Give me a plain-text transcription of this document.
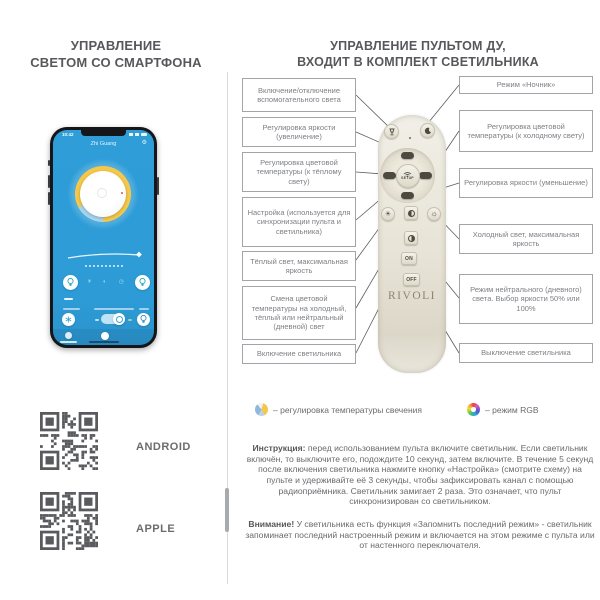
УПРАВЛЕНИЕ
СВЕТОМ СО СМАРТФОНА
УПРАВЛЕНИЕ ПУЛЬТОМ ДУ,
ВХОДИТ В КОМПЛЕКТ СВЕТИЛЬНИКА
Включение/отключение вспомогательного света
Регулировка яркости (увеличение)
Регулировка цветовой температуры (к тёплому свету)
Настройка (используется для синхронизации пульта и светильника)
Тёплый свет, максимальная яркость
Смена цветовой температуры на холодный, тёплый или нейтральный (дневной) свет
Включение светильника
Режим «Ночник»
Регулировка цветовой температуры (к холодному свету)
Регулировка яркости (уменьшение)
Холодный свет, максимальная яркость
Режим нейтрального (дневного) света. Выбор яркости 50% или 100%
Выключение светильника
SETUP
☀	☼
ON
OFF
RIVOLI
10:42
Zhi Guang	⚙
☀ ◐ ◷
ANDROID
APPLE
– регулировка температуры свечения	– режим RGB
Инструкция: перед использованием пульта включите светильник. Если светильник включён, то выключите его, подождите 10 секунд, затем включите. В течение 5 секунд после включения светильника нажмите кнопку «Настройка» (смотрите схему) на пульте и удерживайте её 3 секунды, чтобы зафиксировать канал с помощью радиоприёмника. Светильник замигает 2 раза. Это означает, что пульт синхронизирован со светильником.
Внимание! У светильника есть функция «Запомнить последний режим» - светильник запоминает последний настроенный режим и включается на этом режиме с пульта или от настенного переключателя.
